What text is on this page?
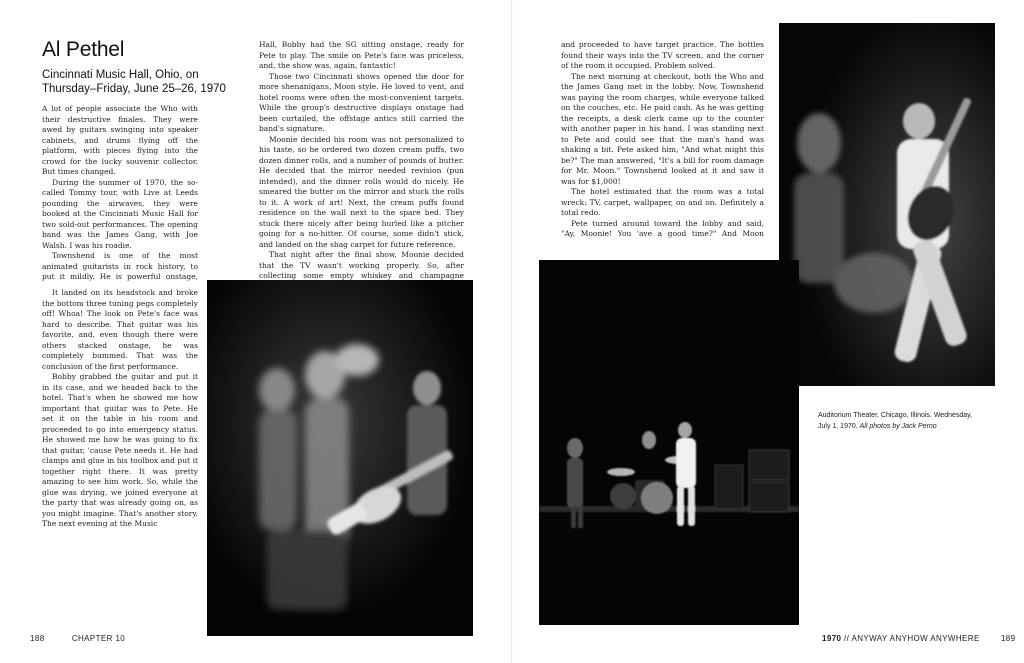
Al Pethel
Cincinnati Music Hall, Ohio, on Thursday–Friday, June 25–26, 1970

A lot of people associate the Who with their destructive finales. They were awed by guitars swinging into speaker cabinets, and drums flying off the platform, with pieces flying into the crowd for the lucky souvenir collector. But times changed.

During the summer of 1970, the so-called Tommy tour, with Live at Leeds pounding the airwaves, they were booked at the Cincinnati Music Hall for two sold-out performances. The opening band was the James Gang, with Joe Walsh. I was his roadie.

Townshend is one of the most animated guitarists in rock history, to put it mildly. He is powerful onstage,

It landed on its headstock and broke the bottom three tuning pegs completely off! Whoa! The look on Pete's face was hard to describe. That guitar was his favorite, and, even though there were others stacked onstage, he was completely bummed. That was the conclusion of the first performance.

Bobby grabbed the guitar and put it in its case, and we headed back to the hotel. That's when he showed me how important that guitar was to Pete. He set it on the table in his room and proceeded to go into emergency status. He showed me how he was going to fix that guitar, 'cause Pete needs it. He had clamps and glue in his toolbox and put it together right there. It was pretty amazing to see him work. So, while the glue was drying, we joined everyone at the party that was already going on, as you might imagine. That's another story. The next evening at the Music

Hall, Bobby had the SG sitting onstage, ready for Pete to play. The smile on Pete's face was priceless, and, the show was, again, fantastic!

Those two Cincinnati shows opened the door for more shenanigans, Moon style. He loved to vent, and hotel rooms were often the most-convenient targets. While the group's destructive displays onstage had been curtailed, the offstage antics still carried the band's signature.

Moonie decided his room was not personalized to his taste, so he ordered two dozen cream puffs, two dozen dinner rolls, and a number of pounds of butter. He decided that the mirror needed revision (pun intended), and the dinner rolls would do nicely. He smeared the butter on the mirror and stuck the rolls to it. A work of art! Next, the cream puffs found residence on the wall next to the spare bed. They stuck there nicely after being hurled like a pitcher going for a no-hitter. Of course, some didn't stick, and landed on the shag carpet for future reference.

That night after the final show, Moonie decided that the TV wasn't working properly. So, after collecting some empty whiskey and champagne

188	CHAPTER 10

and proceeded to have target practice. The bottles found their ways into the TV screen, and the corner of the room it occupied. Problem solved.

The next morning at checkout, both the Who and the James Gang met in the lobby. Now, Townshend was paying the room charges, while everyone talked on the couches, etc. He paid cash. As he was getting the receipts, a desk clerk came up to the counter with another paper in his hand. I was standing next to Pete and could see that the man's hand was shaking a bit. Pete asked him, "And what might this be?" The man answered, "It's a bill for room damage for Mr. Moon." Townshend looked at it and saw it was for $1,000!

The hotel estimated that the room was a total wreck: TV, carpet, wallpaper, on and on. Definitely a total redo.

Pete turned around toward the lobby and said, "Ay, Moonie! You 'ave a good time?" And Moon

Auditorium Theater, Chicago, Illinois. Wednesday, July 1, 1970. All photos by Jack Perno

1970 // ANYWAY ANYHOW ANYWHERE	189
